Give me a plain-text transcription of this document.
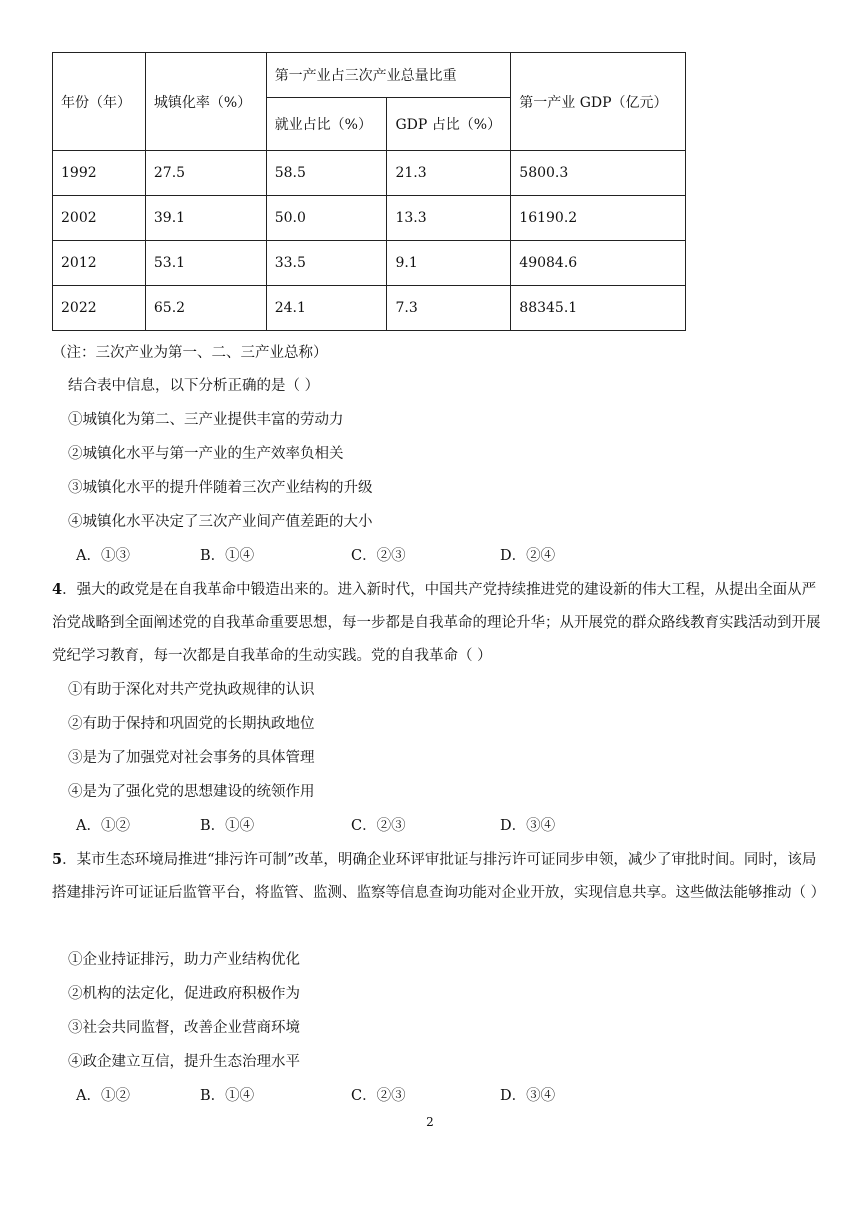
年份（年）	城镇化率（%）	第一产业占三次产业总量比重		第一产业 GDP（亿元）
		就业占比（%）	GDP 占比（%）	
1992	27.5	58.5	21.3	5800.3
2002	39.1	50.0	13.3	16190.2
2012	53.1	33.5	9.1	49084.6
2022	65.2	24.1	7.3	88345.1
（注：三次产业为第一、二、三产业总称）
结合表中信息，以下分析正确的是（ ）
①城镇化为第二、三产业提供丰富的劳动力
②城镇化水平与第一产业的生产效率负相关
③城镇化水平的提升伴随着三次产业结构的升级
④城镇化水平决定了三次产业间产值差距的大小
A．①③	B．①④	C．②③	D．②④
4．强大的政党是在自我革命中锻造出来的。进入新时代，中国共产党持续推进党的建设新的伟大工程，从提出全面从严治党战略到全面阐述党的自我革命重要思想，每一步都是自我革命的理论升华；从开展党的群众路线教育实践活动到开展党纪学习教育，每一次都是自我革命的生动实践。党的自我革命（ ）
①有助于深化对共产党执政规律的认识
②有助于保持和巩固党的长期执政地位
③是为了加强党对社会事务的具体管理
④是为了强化党的思想建设的统领作用
A．①②	B．①④	C．②③	D．③④
5．某市生态环境局推进“排污许可制”改革，明确企业环评审批证与排污许可证同步申领，减少了审批时间。同时，该局搭建排污许可证证后监管平台，将监管、监测、监察等信息查询功能对企业开放，实现信息共享。这些做法能够推动（ ）
①企业持证排污，助力产业结构优化
②机构的法定化，促进政府积极作为
③社会共同监督，改善企业营商环境
④政企建立互信，提升生态治理水平
A．①②	B．①④	C．②③	D．③④
2
